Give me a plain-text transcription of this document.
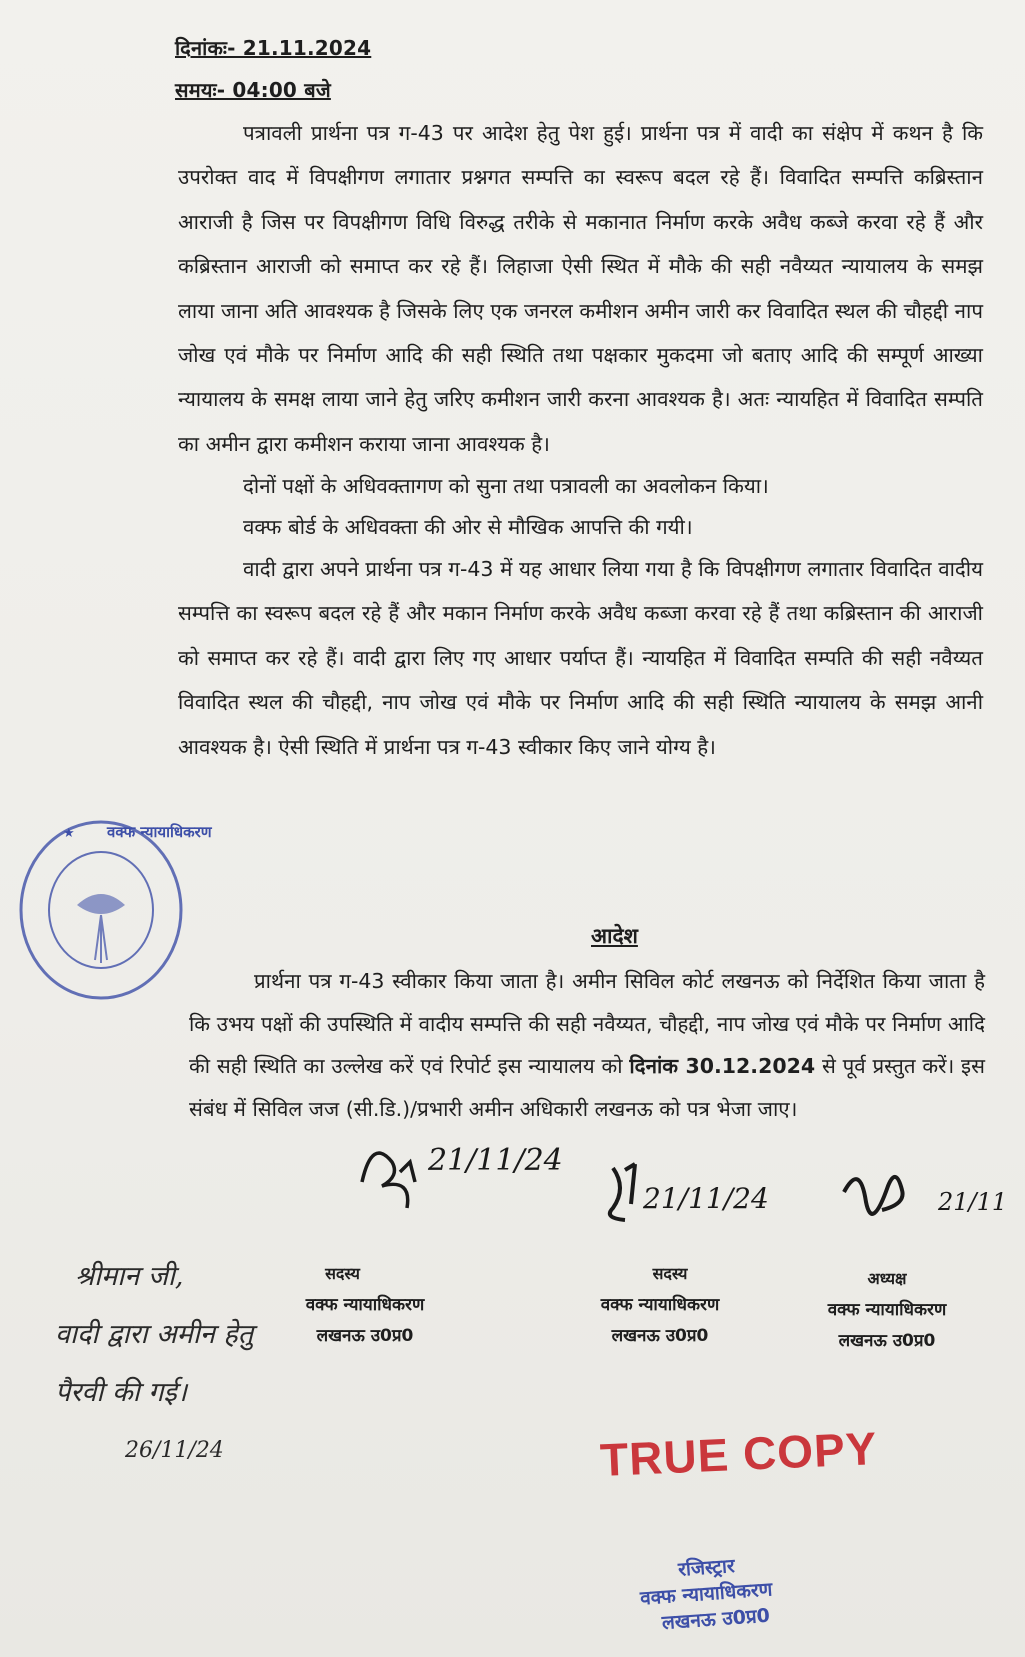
दिनांकः- 21.11.2024
समयः- 04:00 बजे

पत्रावली प्रार्थना पत्र ग-43 पर आदेश हेतु पेश हुई। प्रार्थना पत्र में वादी का संक्षेप में कथन है कि उपरोक्त वाद में विपक्षीगण लगातार प्रश्नगत सम्पत्ति का स्वरूप बदल रहे हैं। विवादित सम्पत्ति कब्रिस्तान आराजी है जिस पर विपक्षीगण विधि विरुद्ध तरीके से मकानात निर्माण करके अवैध कब्जे करवा रहे हैं और कब्रिस्तान आराजी को समाप्त कर रहे हैं। लिहाजा ऐसी स्थित में मौके की सही नवैय्यत न्यायालय के समझ लाया जाना अति आवश्यक है जिसके लिए एक जनरल कमीशन अमीन जारी कर विवादित स्थल की चौहद्दी नाप जोख एवं मौके पर निर्माण आदि की सही स्थिति तथा पक्षकार मुकदमा जो बताए आदि की सम्पूर्ण आख्या न्यायालय के समक्ष लाया जाने हेतु जरिए कमीशन जारी करना आवश्यक है। अतः न्यायहित में विवादित सम्पति का अमीन द्वारा कमीशन कराया जाना आवश्यक है।

दोनों पक्षों के अधिवक्तागण को सुना तथा पत्रावली का अवलोकन किया।

वक्फ बोर्ड के अधिवक्ता की ओर से मौखिक आपत्ति की गयी।

वादी द्वारा अपने प्रार्थना पत्र ग-43 में यह आधार लिया गया है कि विपक्षीगण लगातार विवादित वादीय सम्पत्ति का स्वरूप बदल रहे हैं और मकान निर्माण करके अवैध कब्जा करवा रहे हैं तथा कब्रिस्तान की आराजी को समाप्त कर रहे हैं। वादी द्वारा लिए गए आधार पर्याप्त हैं। न्यायहित में विवादित सम्पति की सही नवैय्यत विवादित स्थल की चौहद्दी, नाप जोख एवं मौके पर निर्माण आदि की सही स्थिति न्यायालय के समझ आनी आवश्यक है। ऐसी स्थिति में प्रार्थना पत्र ग-43 स्वीकार किए जाने योग्य है।

आदेश

प्रार्थना पत्र ग-43 स्वीकार किया जाता है। अमीन सिविल कोर्ट लखनऊ को निर्देशित किया जाता है कि उभय पक्षों की उपस्थिति में वादीय सम्पत्ति की सही नवैय्यत, चौहद्दी, नाप जोख एवं मौके पर निर्माण आदि की सही स्थिति का उल्लेख करें एवं रिपोर्ट इस न्यायालय को दिनांक 30.12.2024 से पूर्व प्रस्तुत करें। इस संबंध में सिविल जज (सी.डि.)/प्रभारी अमीन अधिकारी लखनऊ को पत्र भेजा जाए।

★ वक्फ न्यायाधिकरण
21/11/24
21/11/24	21/11
सदस्य
वक्फ न्यायाधिकरण
लखनऊ उ0प्र0
सदस्य
वक्फ न्यायाधिकरण
लखनऊ उ0प्र0
अध्यक्ष
वक्फ न्यायाधिकरण
लखनऊ उ0प्र0
श्रीमान जी,
वादी द्वारा अमीन हेतु
पैरवी की गई।
26/11/24	TRUE COPY
रजिस्ट्रार
वक्फ न्यायाधिकरण
लखनऊ उ0प्र0
